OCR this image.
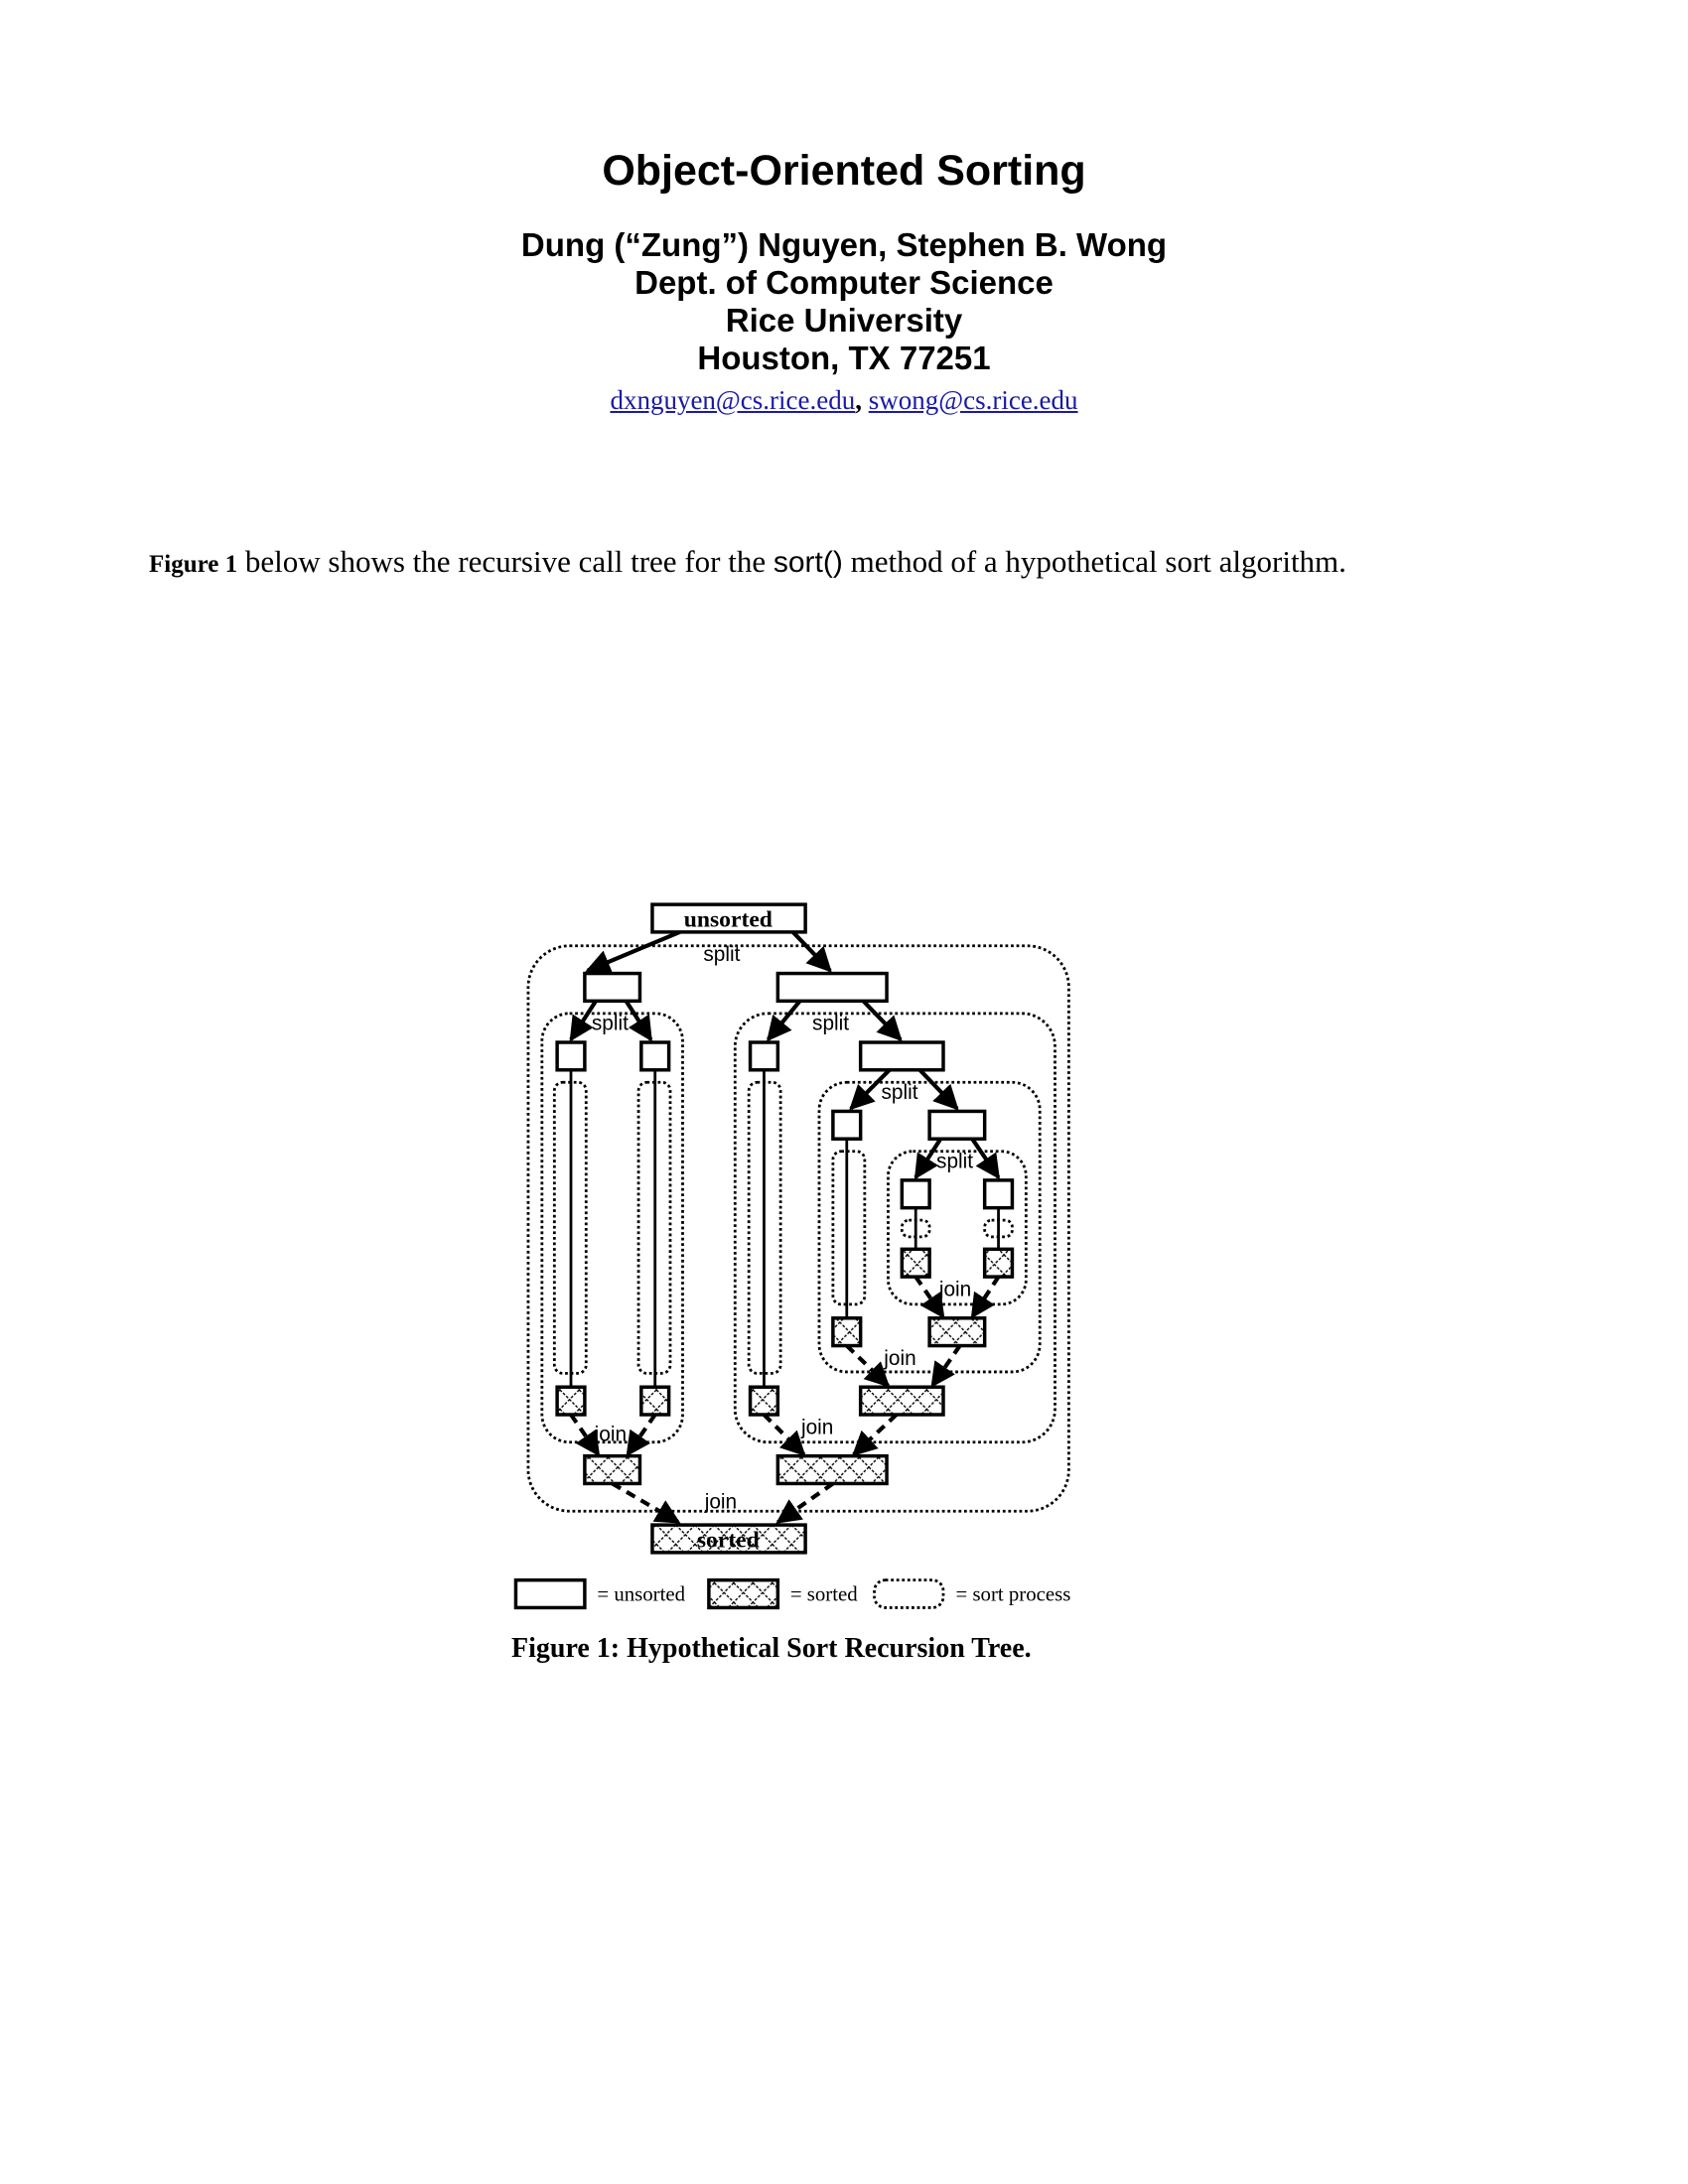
Object-Oriented Sorting
Dung (“Zung”) Nguyen, Stephen B. Wong
Dept. of Computer Science
Rice University
Houston, TX 77251
dxnguyen@cs.rice.edu, swong@cs.rice.edu
Figure 1 below shows the recursive call tree for the sort() method of a hypothetical sort algorithm.
unsorted
sorted
split
split	split
split
split
join
join
join	join
join
= unsorted	= sorted	= sort process
Figure 1: Hypothetical Sort Recursion Tree.
